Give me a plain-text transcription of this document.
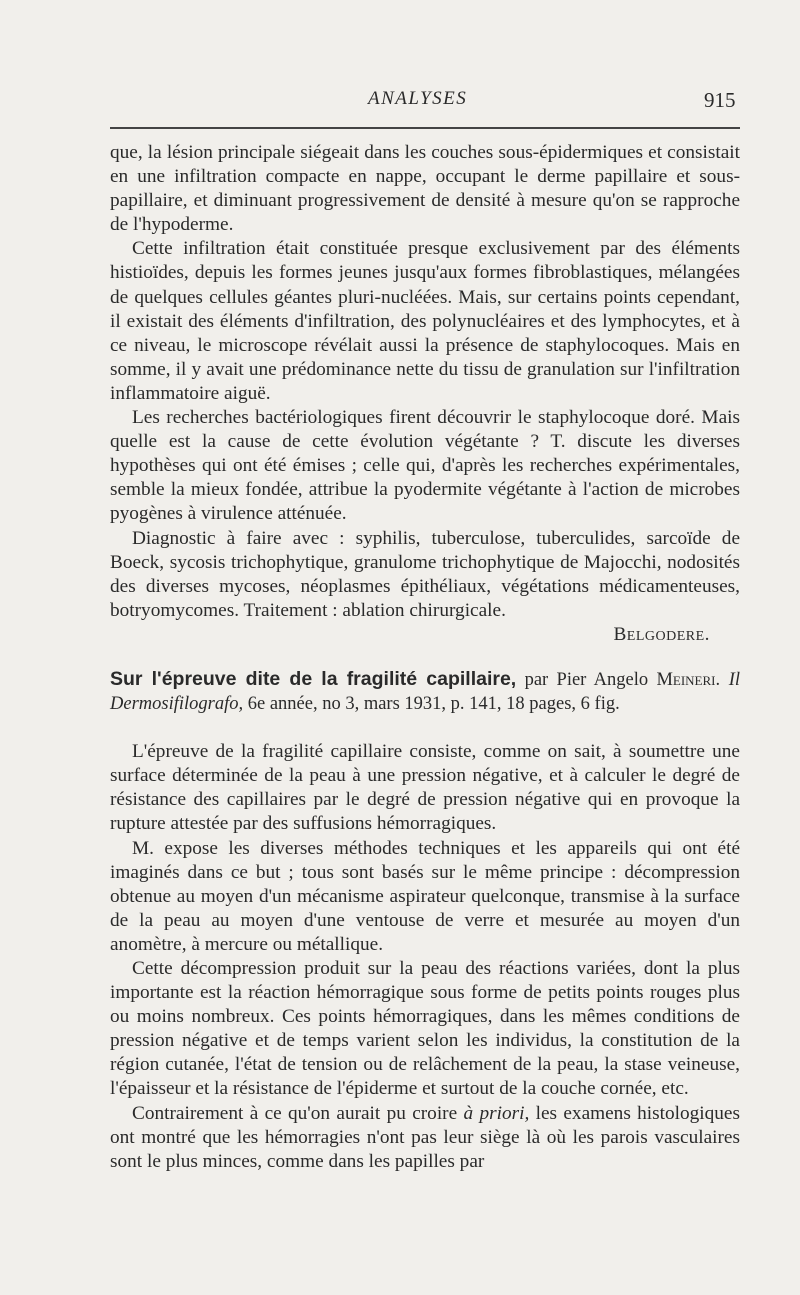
ANALYSES	915

que, la lésion principale siégeait dans les couches sous-épidermiques et consistait en une infiltration compacte en nappe, occupant le derme papillaire et sous-papillaire, et diminuant progressivement de densité à mesure qu'on se rapproche de l'hypoderme.

Cette infiltration était constituée presque exclusivement par des éléments histioïdes, depuis les formes jeunes jusqu'aux formes fibroblastiques, mélangées de quelques cellules géantes pluri-nucléées. Mais, sur certains points cependant, il existait des éléments d'infiltration, des polynucléaires et des lymphocytes, et à ce niveau, le microscope révélait aussi la présence de staphylocoques. Mais en somme, il y avait une prédominance nette du tissu de granulation sur l'infiltration inflammatoire aiguë.

Les recherches bactériologiques firent découvrir le staphylocoque doré. Mais quelle est la cause de cette évolution végétante ? T. discute les diverses hypothèses qui ont été émises ; celle qui, d'après les recherches expérimentales, semble la mieux fondée, attribue la pyodermite végétante à l'action de microbes pyogènes à virulence atténuée.

Diagnostic à faire avec : syphilis, tuberculose, tuberculides, sarcoïde de Boeck, sycosis trichophytique, granulome trichophytique de Majocchi, nodosités des diverses mycoses, néoplasmes épithéliaux, végétations médicamenteuses, botryomycomes. Traitement : ablation chirurgicale.

Belgodere.

Sur l'épreuve dite de la fragilité capillaire, par Pier Angelo Meineri. Il Dermosifilografo, 6e année, no 3, mars 1931, p. 141, 18 pages, 6 fig.

L'épreuve de la fragilité capillaire consiste, comme on sait, à soumettre une surface déterminée de la peau à une pression négative, et à calculer le degré de résistance des capillaires par le degré de pression négative qui en provoque la rupture attestée par des suffusions hémorragiques.

M. expose les diverses méthodes techniques et les appareils qui ont été imaginés dans ce but ; tous sont basés sur le même principe : décompression obtenue au moyen d'un mécanisme aspirateur quelconque, transmise à la surface de la peau au moyen d'une ventouse de verre et mesurée au moyen d'un anomètre, à mercure ou métallique.

Cette décompression produit sur la peau des réactions variées, dont la plus importante est la réaction hémorragique sous forme de petits points rouges plus ou moins nombreux. Ces points hémorragiques, dans les mêmes conditions de pression négative et de temps varient selon les individus, la constitution de la région cutanée, l'état de tension ou de relâchement de la peau, la stase veineuse, l'épaisseur et la résistance de l'épiderme et surtout de la couche cornée, etc.

Contrairement à ce qu'on aurait pu croire à priori, les examens histologiques ont montré que les hémorragies n'ont pas leur siège là où les parois vasculaires sont le plus minces, comme dans les papilles par
